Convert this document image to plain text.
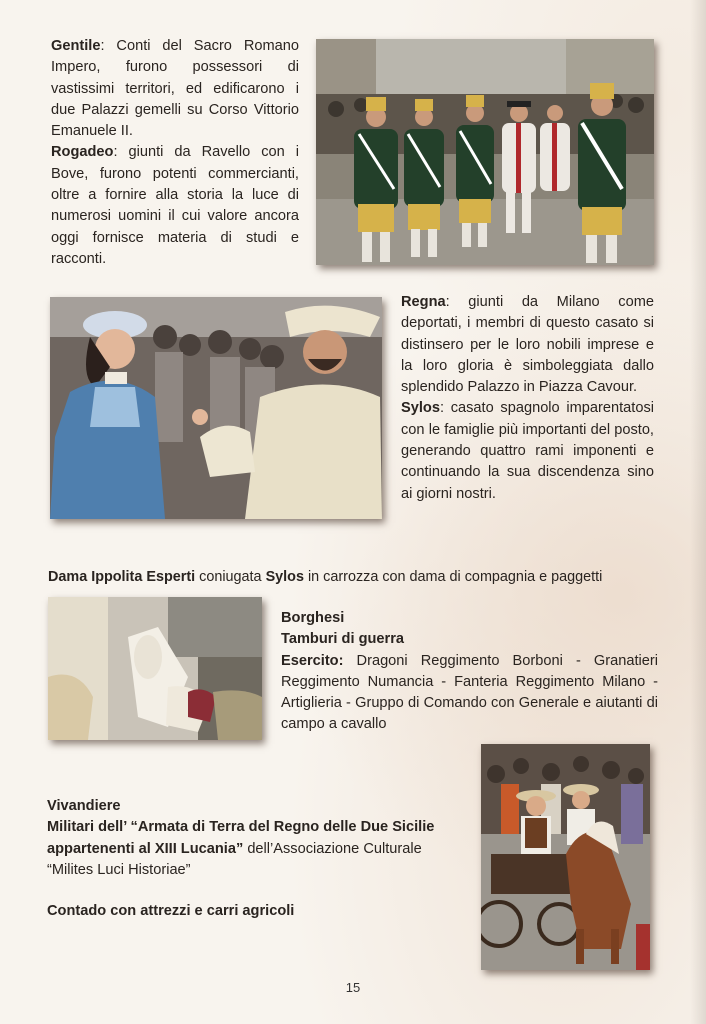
Gentile: Conti del Sacro Romano Impero, furono possessori di vastissimi territori, ed edificarono i due Palazzi gemelli su Corso Vittorio Emanuele II.

Rogadeo: giunti da Ravello con i Bove, furono potenti commercianti, oltre a fornire alla storia la luce di numerosi uomini il cui valore ancora oggi fornisce materia di studi e racconti.

Regna: giunti da Milano come deportati, i membri di questo casato si distinsero per le loro nobili imprese e la loro gloria è simboleggiata dallo splendido Palazzo in Piazza Cavour.

Sylos: casato spagnolo imparentatosi con le famiglie più importanti del posto, generando quattro rami imponenti e continuando la sua discendenza sino ai giorni nostri.

Dama Ippolita Esperti coniugata Sylos in carrozza con dama di compagnia e paggetti

Borghesi

Tamburi di guerra

Esercito: Dragoni Reggimento Borboni - Granatieri Reggimento Numancia - Fanteria Reggimento Milano - Artiglieria - Gruppo di Comando con Generale e aiutanti di campo a cavallo

Vivandiere

Militari dell’ “Armata di Terra del Regno delle Due Sicilie appartenenti al XIII Lucania” dell’Associazione Culturale “Milites Luci Historiae”

Contado con attrezzi e carri agricoli

15
